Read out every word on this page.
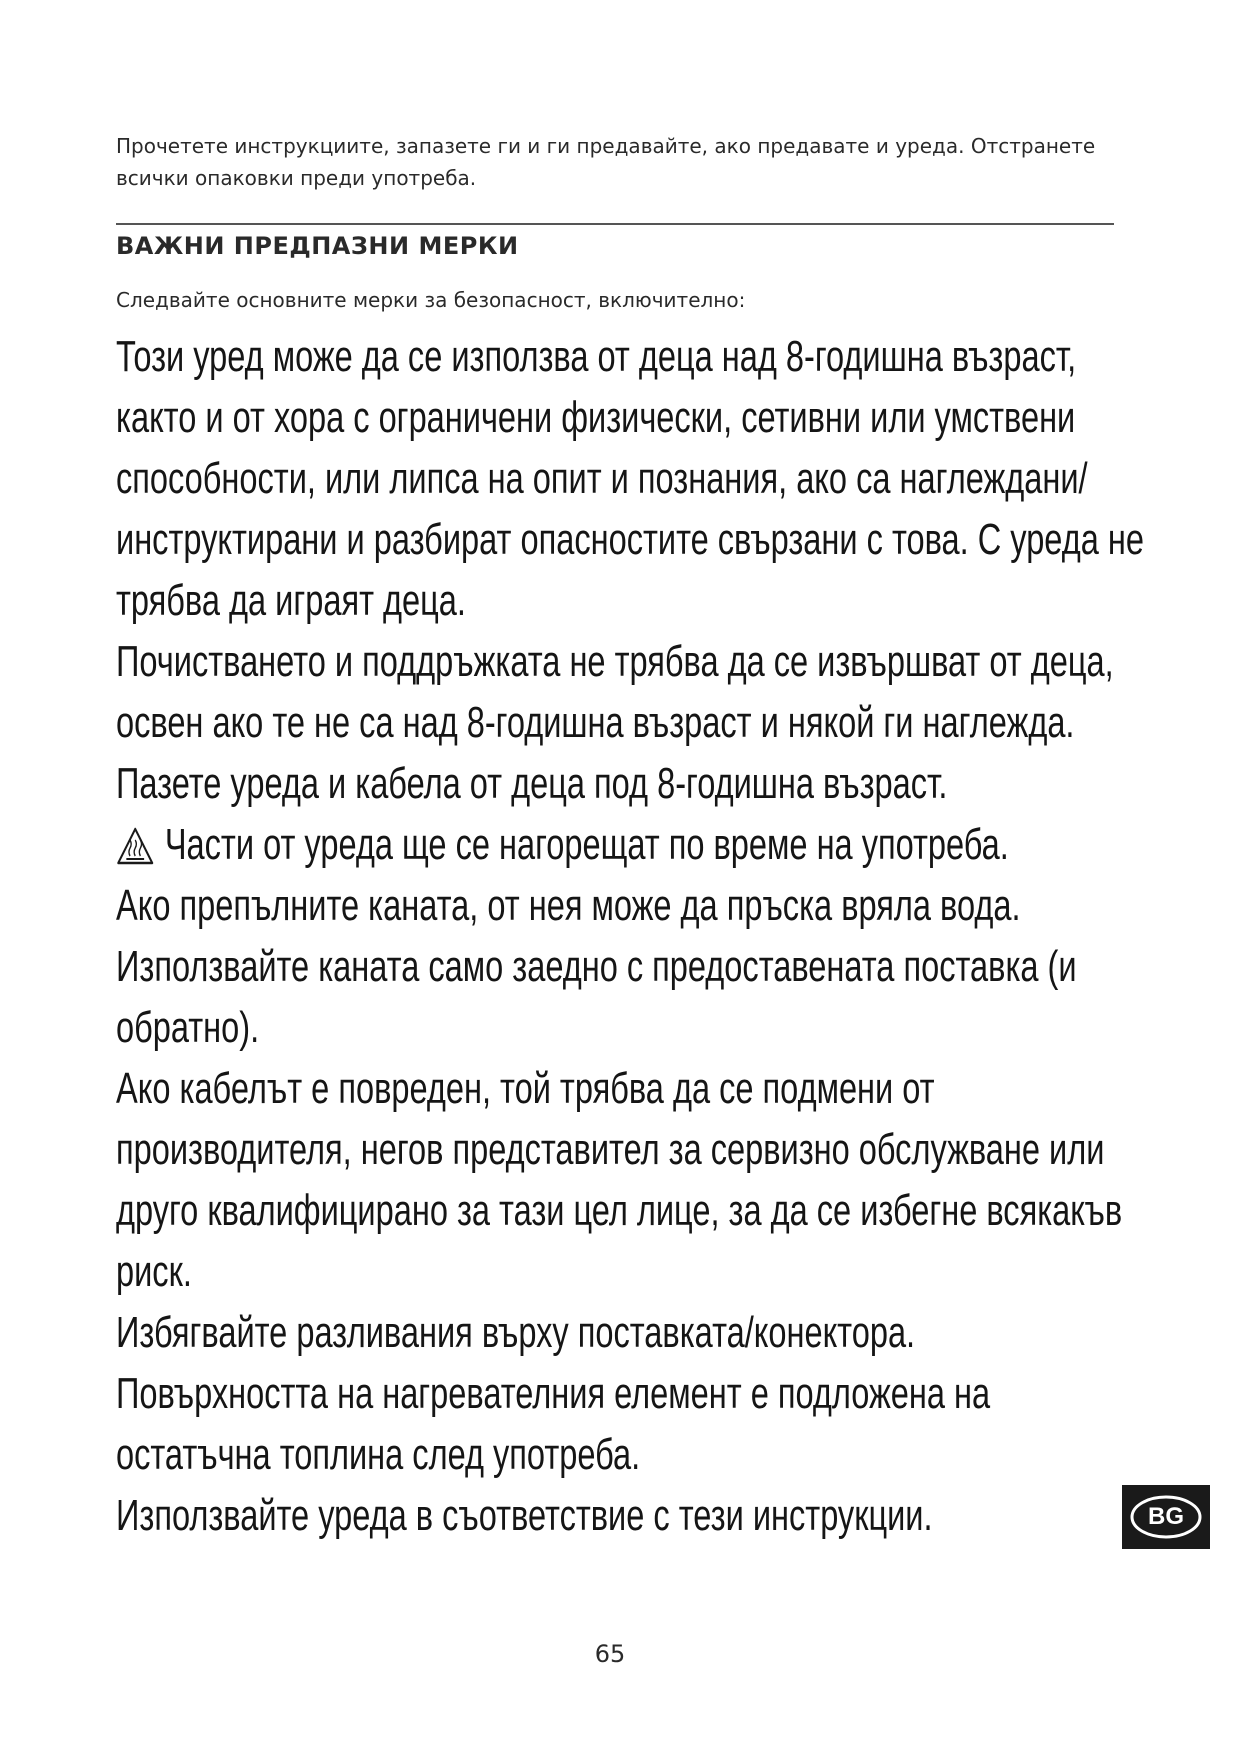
Прочетете инструкциите, запазете ги и ги предавайте, ако предавате и уреда. Отстранете всички опаковки преди употреба.
ВАЖНИ ПРЕДПАЗНИ МЕРКИ
Следвайте основните мерки за безопасност, включително:
Този уред може да се използва от деца над 8-годишна възраст,
както и от хора с ограничени физически, сетивни или умствени
способности, или липса на опит и познания, ако са наглеждани/
инструктирани и разбират опасностите свързани с това. С уреда не
трябва да играят деца.
Почистването и поддръжката не трябва да се извършват от деца,
освен ако те не са над 8-годишна възраст и някой ги наглежда.
Пазете уреда и кабела от деца под 8-годишна възраст.
Части от уреда ще се нагорещат по време на употреба.
Ако препълните каната, от нея може да пръска вряла вода.
Използвайте каната само заедно с предоставената поставка (и
обратно).
Ако кабелът е повреден, той трябва да се подмени от
производителя, негов представител за сервизно обслужване или
друго квалифицирано за тази цел лице, за да се избегне всякакъв
риск.
Избягвайте разливания върху поставката/конектора.
Повърхността на нагревателния елемент е подложена на
остатъчна топлина след употреба.
Използвайте уреда в съответствие с тези инструкции.	BG
65
